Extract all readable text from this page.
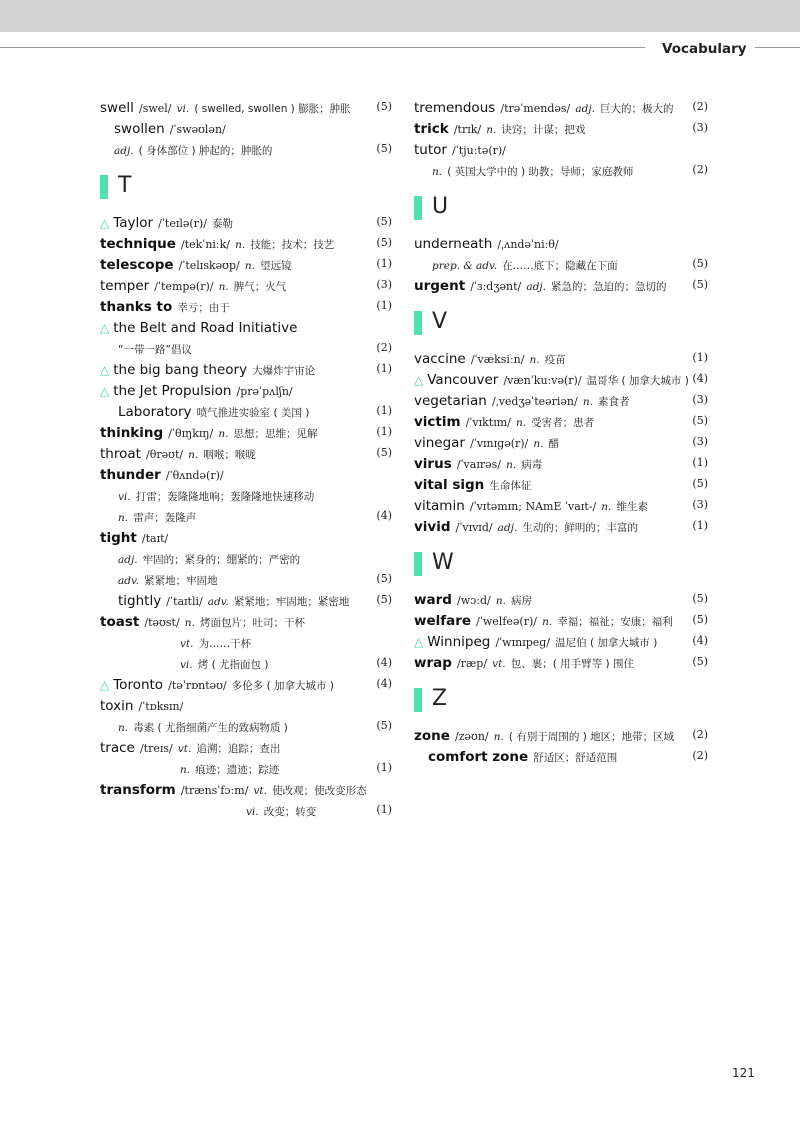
Vocabulary
swell /swel/ vi. ( swelled, swollen ) 膨胀；肿胀 (5)
swollen /ˈswəʊlən/
adj. ( 身体部位 ) 肿起的；肿胀的	(5)
T
△ Taylor /ˈteɪlə(r)/ 泰勒	(5)
technique /tekˈniːk/ n. 技能；技术；技艺	(5)
telescope /ˈtelɪskəʊp/ n. 望远镜	(1)
temper /ˈtempə(r)/ n. 脾气；火气	(3)
thanks to 幸亏；由于	(1)
△ the Belt and Road Initiative
“一带一路”倡议	(2)
△ the big bang theory 大爆炸宇宙论	(1)
△ the Jet Propulsion /prəˈpʌlʃn/
Laboratory 喷气推进实验室 ( 美国 )	(1)
thinking /ˈθɪŋkɪŋ/ n. 思想；思维；见解	(1)
throat /θrəʊt/ n. 咽喉；喉咙	(5)
thunder /ˈθʌndə(r)/
vi. 打雷；轰隆隆地响；轰隆隆地快速移动
n. 雷声；轰隆声	(4)
tight /taɪt/
adj. 牢固的；紧身的；绷紧的；严密的
adv. 紧紧地；牢固地	(5)
tightly /ˈtaɪtli/ adv. 紧紧地；牢固地；紧密地 (5)
toast /təʊst/ n. 烤面包片；吐司；干杯
vt. 为……干杯
vi. 烤 ( 尤指面包 )	(4)
△ Toronto /təˈrɒntəʊ/ 多伦多 ( 加拿大城市 )	(4)
toxin /ˈtɒksɪn/
n. 毒素 ( 尤指细菌产生的致病物质 )	(5)
trace /treɪs/ vt. 追溯；追踪；查出
n. 痕迹；遗迹；踪迹	(1)
transform /trænsˈfɔːm/ vt. 使改观；使改变形态
vi. 改变；转变	(1)
tremendous /trəˈmendəs/ adj. 巨大的；极大的 (2)
trick /trɪk/ n. 诀窍；计谋；把戏	(3)
tutor /ˈtjuːtə(r)/
n. ( 英国大学中的 ) 助教；导师；家庭教师	(2)
U
underneath /ˌʌndəˈniːθ/
prep. & adv. 在……底下；隐藏在下面	(5)
urgent /ˈɜːdʒənt/ adj. 紧急的；急迫的；急切的 (5)
V
vaccine /ˈvæksiːn/ n. 疫苗	(1)
△ Vancouver /vænˈkuːvə(r)/ 温哥华 ( 加拿大城市 ) (4)
vegetarian /ˌvedʒəˈteəriən/ n. 素食者	(3)
victim /ˈvɪktɪm/ n. 受害者；患者	(5)
vinegar /ˈvɪnɪɡə(r)/ n. 醋	(3)
virus /ˈvaɪrəs/ n. 病毒	(1)
vital sign 生命体征	(5)
vitamin /ˈvɪtəmɪn; NAmE ˈvaɪt-/ n. 维生素	(3)
vivid /ˈvɪvɪd/ adj. 生动的；鲜明的；丰富的	(1)
W
ward /wɔːd/ n. 病房	(5)
welfare /ˈwelfeə(r)/ n. 幸福；福祉；安康；福利 (5)
△ Winnipeg /ˈwɪnɪpeɡ/ 温尼伯 ( 加拿大城市 )	(4)
wrap /ræp/ vt. 包、裹；( 用手臂等 ) 围住	(5)
Z
zone /zəʊn/ n. ( 有别于周围的 ) 地区；地带；区域 (2)
comfort zone 舒适区；舒适范围	(2)
121
